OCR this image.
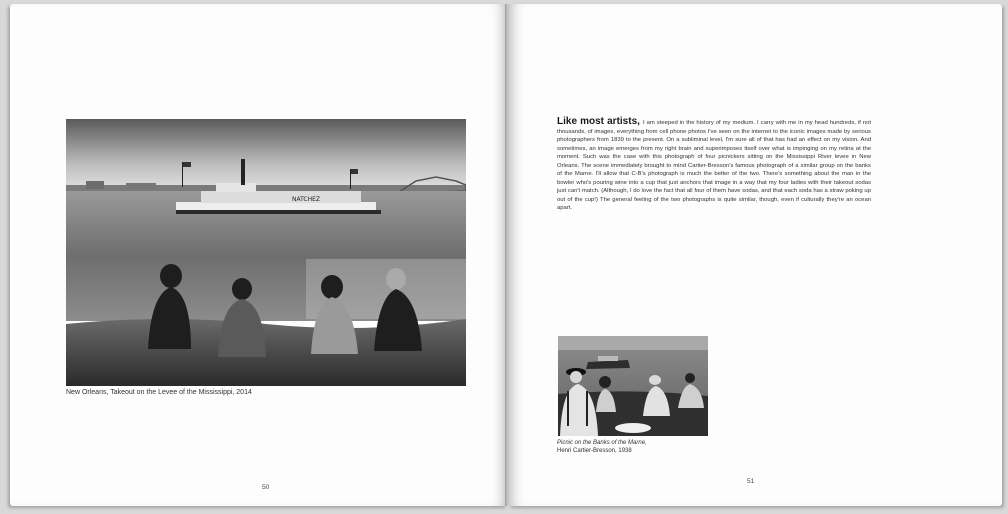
NATCHEZ
New Orleans, Takeout on the Levee of the Mississippi, 2014
50
Like most artists, I am steeped in the history of my medium. I carry with me in my head hundreds, if not thousands, of images, everything from cell phone photos I've seen on the internet to the iconic images made by serious photographers from 1839 to the present. On a subliminal level, I'm sure all of that has had an effect on my vision. And sometimes, an image emerges from my right brain and superimposes itself over what is impinging on my retina at the moment. Such was the case with this photograph of four picnickers sitting on the Mississippi River levee in New Orleans. The scene immediately brought to mind Cartier-Bresson's famous photograph of a similar group on the banks of the Marne. I'll allow that C-B's photograph is much the better of the two. There's something about the man in the bowler who's pouring wine into a cup that just anchors that image in a way that my four ladies with their takeout sodas just can't match. (Although, I do love the fact that all four of them have sodas, and that each soda has a straw poking up out of the cup!) The general feeling of the two photographs is quite similar, though, even if culturally they're an ocean apart.
Picnic on the Banks of the Marne,
Henri Cartier-Bresson, 1938
51
